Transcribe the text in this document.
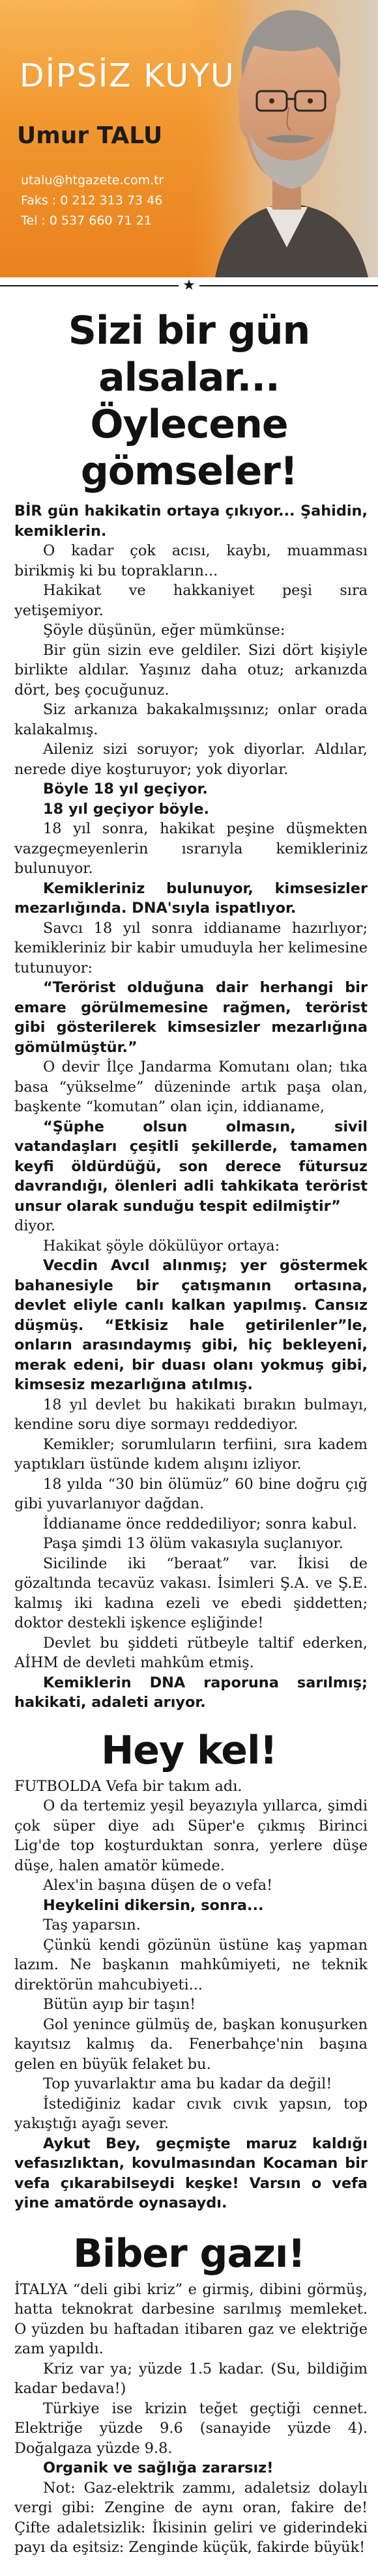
DİPSİZ KUYU
Umur TALU
utalu@htgazete.com.tr
Faks : 0 212 313 73 46
Tel : 0 537 660 71 21
★
Sizi bir gün alsalar... Öylecene gömseler!

BİR gün hakikatin ortaya çıkıyor... Şahidin, kemiklerin.

O kadar çok acısı, kaybı, muamması birikmiş ki bu toprakların...

Hakikat ve hakkaniyet peşi sıra yetişemiyor.

Şöyle düşünün, eğer mümkünse:

Bir gün sizin eve geldiler. Sizi dört kişiyle birlikte aldılar. Yaşınız daha otuz; arkanızda dört, beş çocuğunuz.

Siz arkanıza bakakalmışsınız; onlar orada kalakalmış.

Aileniz sizi soruyor; yok diyorlar. Aldılar, nerede diye koşturuyor; yok diyorlar.

Böyle 18 yıl geçiyor.

18 yıl geçiyor böyle.

18 yıl sonra, hakikat peşine düşmekten vazgeçmeyenlerin ısrarıyla kemikleriniz bulunuyor.

Kemikleriniz bulunuyor, kimsesizler mezarlığında. DNA'sıyla ispatlıyor.

Savcı 18 yıl sonra iddianame hazırlıyor; kemikleriniz bir kabir umuduyla her kelimesine tutunuyor:

“Terörist olduğuna dair herhangi bir emare görülmemesine rağmen, terörist gibi gösterilerek kimsesizler mezarlığına gömülmüştür.”

O devir İlçe Jandarma Komutanı olan; tıka basa “yükselme” düzeninde artık paşa olan, başkente “komutan” olan için, iddianame,

“Şüphe olsun olmasın, sivil vatandaşları çeşitli şekillerde, tamamen keyfi öldürdüğü, son derece fütursuz davrandığı, ölenleri adli tahkikata terörist unsur olarak sunduğu tespit edilmiştir”

diyor.

Hakikat şöyle dökülüyor ortaya:

Vecdin Avcıl alınmış; yer göstermek bahanesiyle bir çatışmanın ortasına, devlet eliyle canlı kalkan yapılmış. Cansız düşmüş. “Etkisiz hale getirilenler”le, onların arasındaymış gibi, hiç bekleyeni, merak edeni, bir duası olanı yokmuş gibi, kimsesiz mezarlığına atılmış.

18 yıl devlet bu hakikati bırakın bulmayı, kendine soru diye sormayı reddediyor.

Kemikler; sorumluların terfiini, sıra kadem yaptıkları üstünde kıdem alışını izliyor.

18 yılda “30 bin ölümüz” 60 bine doğru çığ gibi yuvarlanıyor dağdan.

İddianame önce reddediliyor; sonra kabul.

Paşa şimdi 13 ölüm vakasıyla suçlanıyor.

Sicilinde iki “beraat” var. İkisi de gözaltında tecavüz vakası. İsimleri Ş.A. ve Ş.E. kalmış iki kadına ezeli ve ebedi şiddetten; doktor destekli işkence eşliğinde!

Devlet bu şiddeti rütbeyle taltif ederken, AİHM de devleti mahkûm etmiş.

Kemiklerin DNA raporuna sarılmış; hakikati, adaleti arıyor.

Hey kel!

FUTBOLDA Vefa bir takım adı.

O da tertemiz yeşil beyazıyla yıllarca, şimdi çok süper diye adı Süper'e çıkmış Birinci Lig'de top koşturduktan sonra, yerlere düşe düşe, halen amatör kümede.

Alex'in başına düşen de o vefa!

Heykelini dikersin, sonra...

Taş yaparsın.

Çünkü kendi gözünün üstüne kaş yapman lazım. Ne başkanın mahkûmiyeti, ne teknik direktörün mahcubiyeti...

Bütün ayıp bir taşın!

Gol yenince gülmüş de, başkan konuşurken kayıtsız kalmış da. Fenerbahçe'nin başına gelen en büyük felaket bu.

Top yuvarlaktır ama bu kadar da değil!

İstediğiniz kadar cıvık cıvık yapsın, top yakıştığı ayağı sever.

Aykut Bey, geçmişte maruz kaldığı vefasızlıktan, kovulmasından Kocaman bir vefa çıkarabilseydi keşke! Varsın o vefa yine amatörde oynasaydı.

Biber gazı!

İTALYA “deli gibi kriz” e girmiş, dibini görmüş, hatta teknokrat darbesine sarılmış memleket. O yüzden bu haftadan itibaren gaz ve elektriğe zam yapıldı.

Kriz var ya; yüzde 1.5 kadar. (Su, bildiğim kadar bedava!)

Türkiye ise krizin teğet geçtiği cennet. Elektriğe yüzde 9.6 (sanayide yüzde 4). Doğalgaza yüzde 9.8.

Organik ve sağlığa zararsız!

Not: Gaz-elektrik zammı, adaletsiz dolaylı vergi gibi: Zengine de aynı oran, fakire de! Çifte adaletsizlik: İkisinin geliri ve giderindeki payı da eşitsiz: Zenginde küçük, fakirde büyük!
